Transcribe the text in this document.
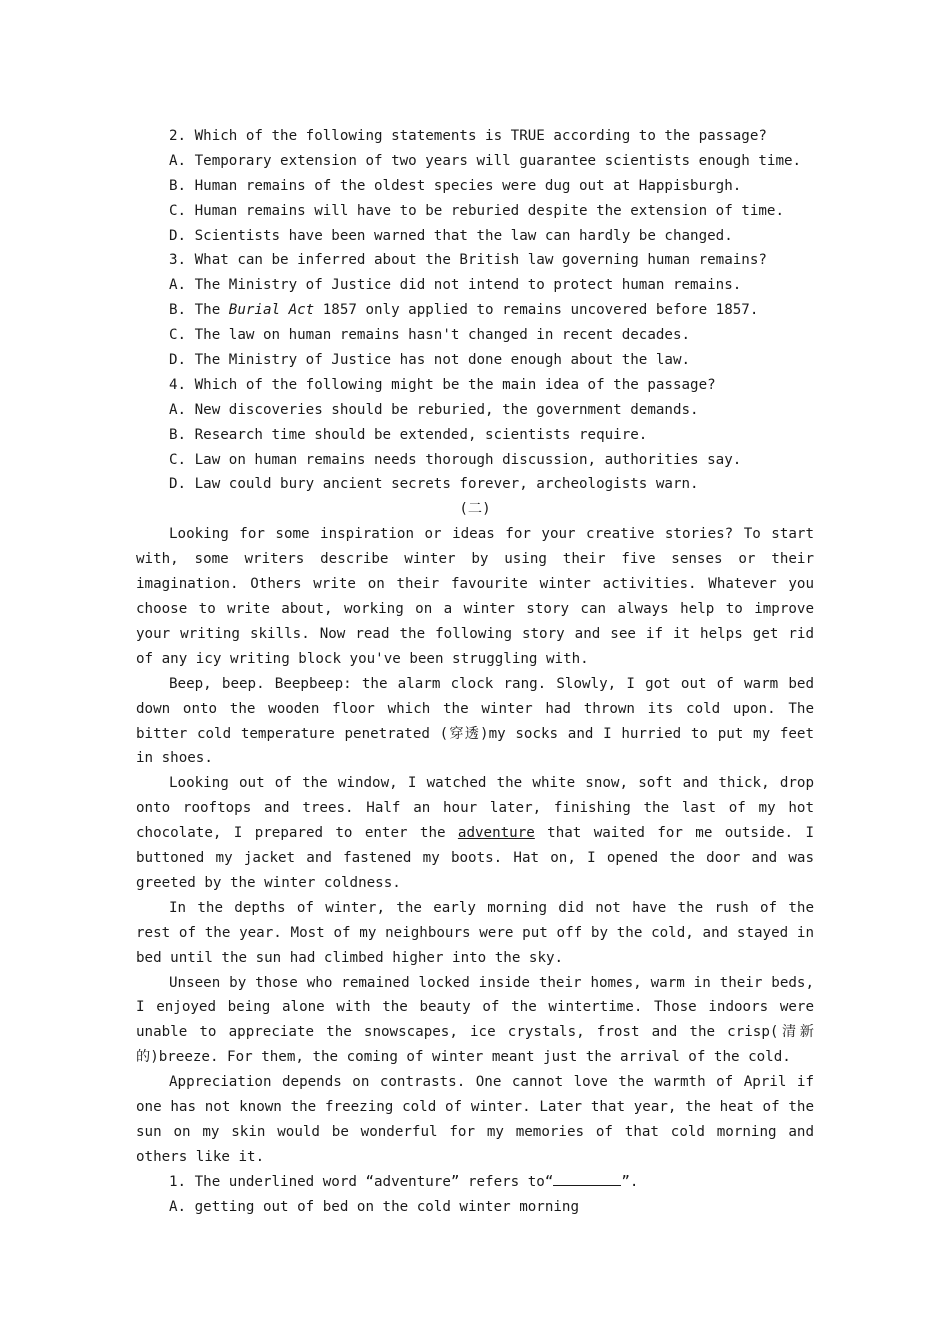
2. Which of the following statements is TRUE according to the passage?
A. Temporary extension of two years will guarantee scientists enough time.
B. Human remains of the oldest species were dug out at Happisburgh.
C. Human remains will have to be reburied despite the extension of time.
D. Scientists have been warned that the law can hardly be changed.
3. What can be inferred about the British law governing human remains?
A. The Ministry of Justice did not intend to protect human remains.
B. The Burial Act 1857 only applied to remains uncovered before 1857.
C. The law on human remains hasn't changed in recent decades.
D. The Ministry of Justice has not done enough about the law.
4. Which of the following might be the main idea of the passage?
A. New discoveries should be reburied, the government demands.
B. Research time should be extended, scientists require.
C. Law on human remains needs thorough discussion, authorities say.
D. Law could bury ancient secrets forever, archeologists warn.
(二)

Looking for some inspiration or ideas for your creative stories? To start with, some writers describe winter by using their five senses or their imagination. Others write on their favourite winter activities. Whatever you choose to write about, working on a winter story can always help to improve your writing skills. Now read the following story and see if it helps get rid of any icy writing block you've been struggling with.

Beep, beep. Beepbeep: the alarm clock rang. Slowly, I got out of warm bed down onto the wooden floor which the winter had thrown its cold upon. The bitter cold temperature penetrated (穿透)my socks and I hurried to put my feet in shoes.

Looking out of the window, I watched the white snow, soft and thick, drop onto rooftops and trees. Half an hour later, finishing the last of my hot chocolate, I prepared to enter the adventure that waited for me outside. I buttoned my jacket and fastened my boots. Hat on, I opened the door and was greeted by the winter coldness.

In the depths of winter, the early morning did not have the rush of the rest of the year. Most of my neighbours were put off by the cold, and stayed in bed until the sun had climbed higher into the sky.

Unseen by those who remained locked inside their homes, warm in their beds, I enjoyed being alone with the beauty of the wintertime. Those indoors were unable to appreciate the snowscapes, ice crystals, frost and the crisp(清新的)breeze. For them, the coming of winter meant just the arrival of the cold.

Appreciation depends on contrasts. One cannot love the warmth of April if one has not known the freezing cold of winter. Later that year, the heat of the sun on my skin would be wonderful for my memories of that cold morning and others like it.

1. The underlined word “adventure” refers to“	”.
A. getting out of bed on the cold winter morning
